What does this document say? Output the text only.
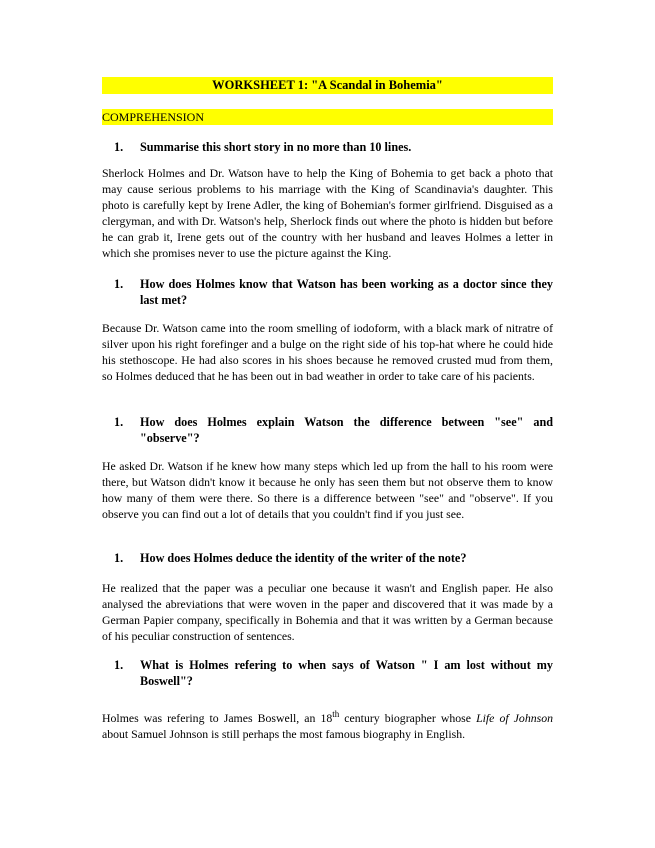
WORKSHEET 1: "A Scandal in Bohemia"
COMPREHENSION
1.	Summarise this short story in no more than 10 lines.
Sherlock Holmes and Dr. Watson have to help the King of Bohemia to get back a photo that may cause serious problems to his marriage with the King of Scandinavia's daughter. This photo is carefully kept by Irene Adler, the king of Bohemian's former girlfriend. Disguised as a clergyman, and with Dr. Watson's help, Sherlock finds out where the photo is hidden but before he can grab it, Irene gets out of the country with her husband and leaves Holmes a letter in which she promises never to use the picture against the King.
1.	How does Holmes know that Watson has been working as a doctor since they last met?
Because Dr. Watson came into the room smelling of iodoform, with a black mark of nitratre of silver upon his right forefinger and a bulge on the right side of his top-hat where he could hide his stethoscope. He had also scores in his shoes because he removed crusted mud from them, so Holmes deduced that he has been out in bad weather in order to take care of his pacients.
1.	How does Holmes explain Watson the difference between "see" and "observe"?
He asked Dr. Watson if he knew how many steps which led up from the hall to his room were there, but Watson didn't know it because he only has seen them but not observe them to know how many of them were there. So there is a difference between "see" and "observe". If you observe you can find out a lot of details that you couldn't find if you just see.
1.	How does Holmes deduce the identity of the writer of the note?
He realized that the paper was a peculiar one because it wasn't and English paper. He also analysed the abreviations that were woven in the paper and discovered that it was made by a German Papier company, specifically in Bohemia and that it was written by a German because of his peculiar construction of sentences.
1.	What is Holmes refering to when says of Watson " I am lost without my Boswell"?
Holmes was refering to James Boswell, an 18th century biographer whose Life of Johnson about Samuel Johnson is still perhaps the most famous biography in English.
